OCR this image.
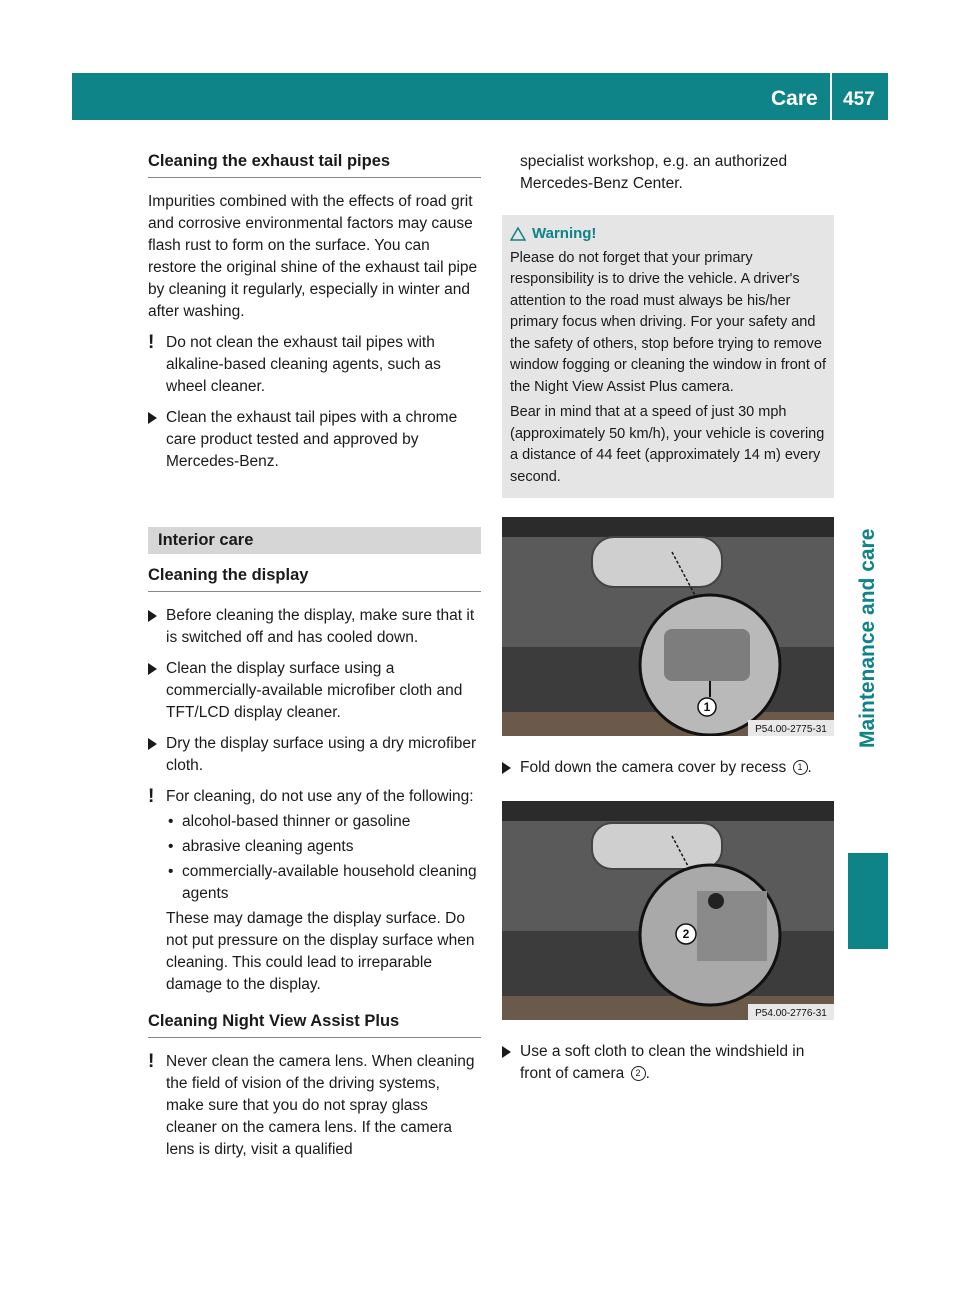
Care 457
Maintenance and care
Cleaning the exhaust tail pipes

Impurities combined with the effects of road grit and corrosive environmental factors may cause flash rust to form on the surface. You can restore the original shine of the exhaust tail pipe by cleaning it regularly, especially in winter and after washing.

! Do not clean the exhaust tail pipes with alkaline-based cleaning agents, such as wheel cleaner.
Clean the exhaust tail pipes with a chrome care product tested and approved by Mercedes-Benz.
Interior care
Cleaning the display
Before cleaning the display, make sure that it is switched off and has cooled down.
Clean the display surface using a commercially-available microfiber cloth and TFT/LCD display cleaner.
Dry the display surface using a dry microfiber cloth.
! For cleaning, do not use any of the following:
• alcohol-based thinner or gasoline
• abrasive cleaning agents
• commercially-available household cleaning agents

These may damage the display surface. Do not put pressure on the display surface when cleaning. This could lead to irreparable damage to the display.

Cleaning Night View Assist Plus
! Never clean the camera lens. When cleaning the field of vision of the driving systems, make sure that you do not spray glass cleaner on the camera lens. If the camera lens is dirty, visit a qualified

specialist workshop, e.g. an authorized Mercedes-Benz Center.

Warning!

Please do not forget that your primary responsibility is to drive the vehicle. A driver's attention to the road must always be his/her primary focus when driving. For your safety and the safety of others, stop before trying to remove window fogging or cleaning the window in front of the Night View Assist Plus camera.

Bear in mind that at a speed of just 30 mph (approximately 50 km/h), your vehicle is covering a distance of 44 feet (approximately 14 m) every second.

1
P54.00-2775-31
Fold down the camera cover by recess 1 .
2
P54.00-2776-31
Use a soft cloth to clean the windshield in front of camera 2 .
